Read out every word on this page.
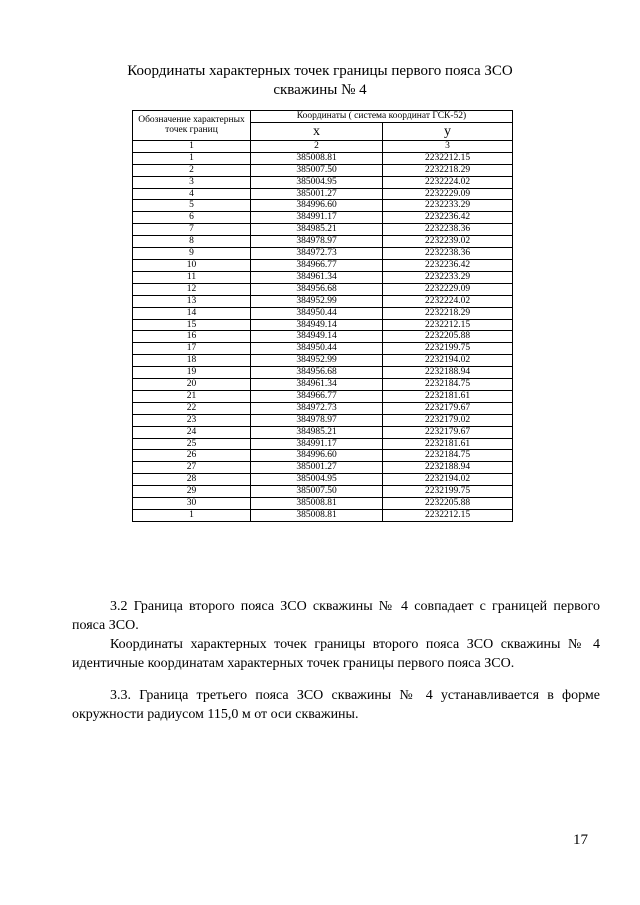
Координаты характерных точек границы первого пояса ЗСО
скважины № 4
Обозначение характерных точек границ	Координаты ( система координат ГСК-52)	
	x	у
1	2	3
1	385008.81	2232212.15
2	385007.50	2232218.29
3	385004.95	2232224.02
4	385001.27	2232229.09
5	384996.60	2232233.29
6	384991.17	2232236.42
7	384985.21	2232238.36
8	384978.97	2232239.02
9	384972.73	2232238.36
10	384966.77	2232236.42
11	384961.34	2232233.29
12	384956.68	2232229.09
13	384952.99	2232224.02
14	384950.44	2232218.29
15	384949.14	2232212.15
16	384949.14	2232205.88
17	384950.44	2232199.75
18	384952.99	2232194.02
19	384956.68	2232188.94
20	384961.34	2232184.75
21	384966.77	2232181.61
22	384972.73	2232179.67
23	384978.97	2232179.02
24	384985.21	2232179.67
25	384991.17	2232181.61
26	384996.60	2232184.75
27	385001.27	2232188.94
28	385004.95	2232194.02
29	385007.50	2232199.75
30	385008.81	2232205.88
1	385008.81	2232212.15

3.2 Граница второго пояса ЗСО скважины № 4 совпадает с границей первого пояса ЗСО.

Координаты характерных точек границы второго пояса ЗСО скважины № 4 идентичные координатам характерных точек границы первого пояса ЗСО.

3.3. Граница третьего пояса ЗСО скважины № 4 устанавливается в форме окружности радиусом 115,0 м от оси скважины.

17
